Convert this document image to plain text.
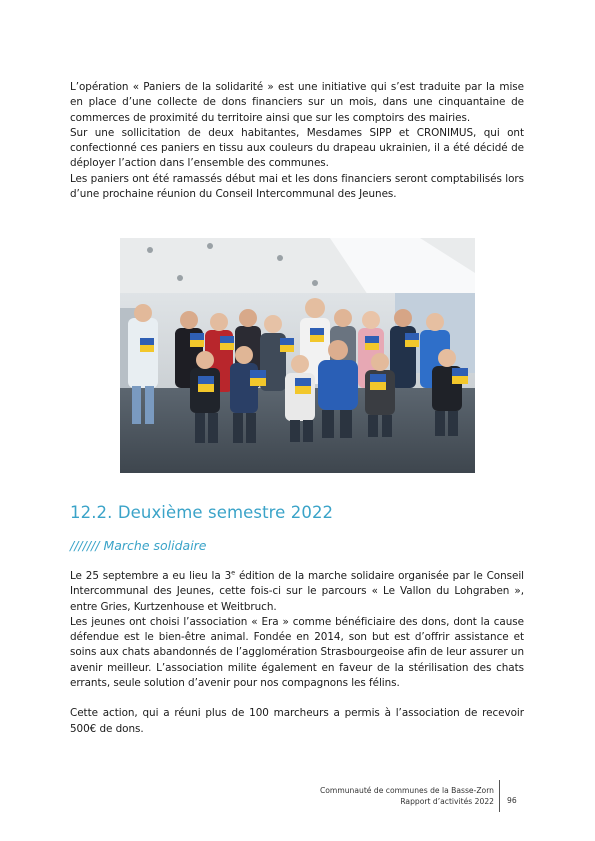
L’opération « Paniers de la solidarité » est une initiative qui s’est traduite par la mise en place d’une collecte de dons financiers sur un mois, dans une cinquantaine de commerces de proximité du territoire ainsi que sur les comptoirs des mairies.
Sur une sollicitation de deux habitantes, Mesdames SIPP et CRONIMUS, qui ont confectionné ces paniers en tissu aux couleurs du drapeau ukrainien, il a été décidé de déployer l’action dans l’ensemble des communes.
Les paniers ont été ramassés début mai et les dons financiers seront comptabilisés lors d’une prochaine réunion du Conseil Intercommunal des Jeunes.
12.2. Deuxième semestre 2022
/////// Marche solidaire
Le 25 septembre a eu lieu la 3e édition de la marche solidaire organisée par le Conseil Intercommunal des Jeunes, cette fois-ci sur le parcours « Le Vallon du Lohgraben », entre Gries, Kurtzenhouse et Weitbruch.
Les jeunes ont choisi l’association « Era » comme bénéficiaire des dons, dont la cause défendue est le bien-être animal. Fondée en 2014, son but est d’offrir assistance et soins aux chats abandonnés de l’agglomération Strasbourgeoise afin de leur assurer un avenir meilleur. L’association milite également en faveur de la stérilisation des chats errants, seule solution d’avenir pour nos compagnons les félins.
Cette action, qui a réuni plus de 100 marcheurs a permis à l’association de recevoir 500€ de dons.
Communauté de communes de la Basse-Zorn
Rapport d’activités 2022 96
